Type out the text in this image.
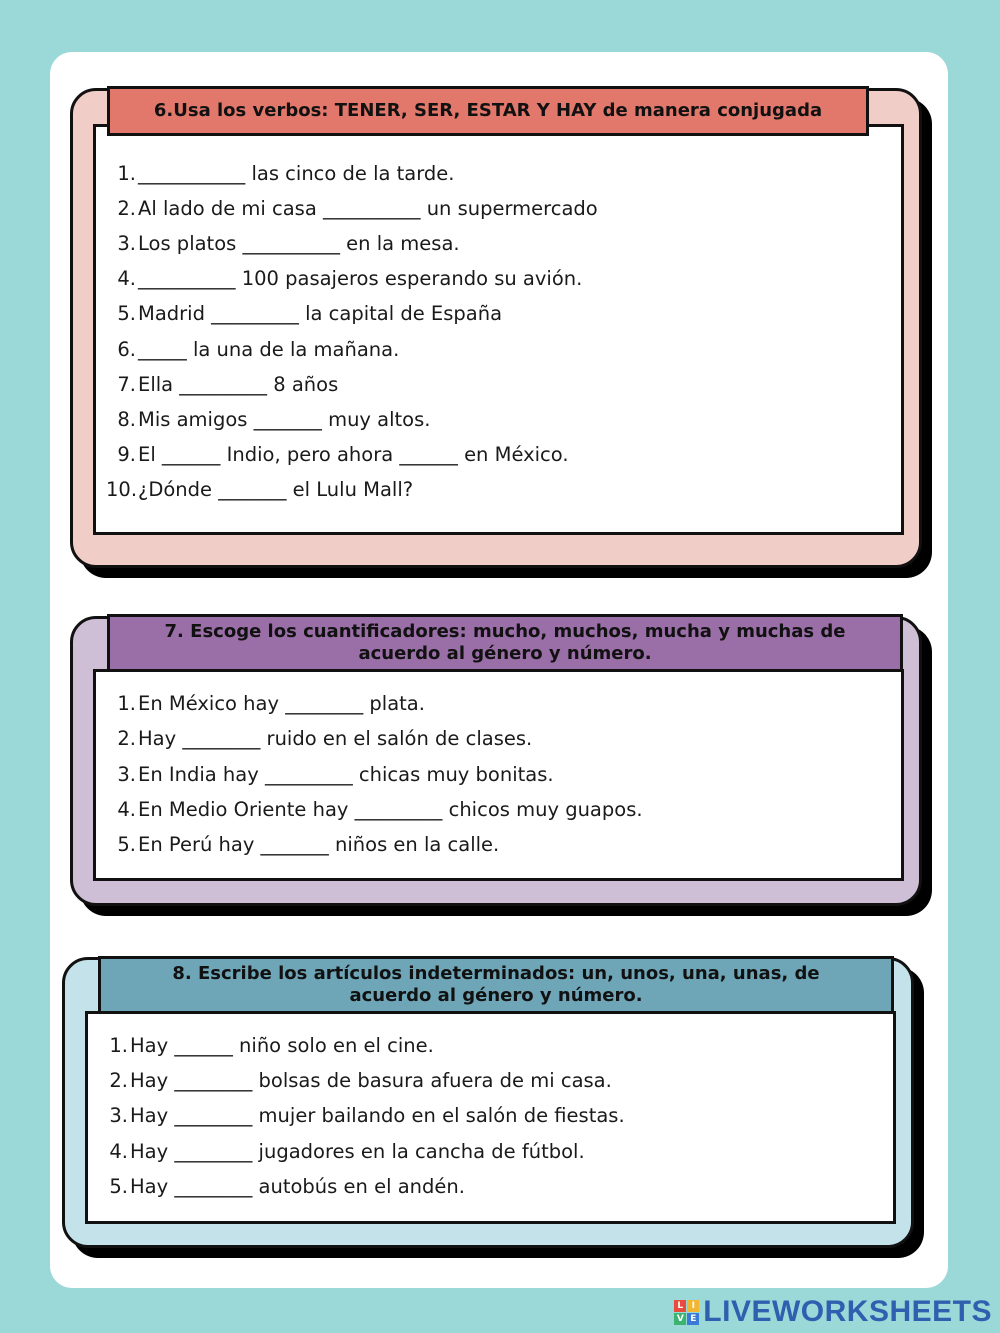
6.Usa los verbos: TENER, SER, ESTAR Y HAY de manera conjugada
1. ___________ las cinco de la tarde.
2. Al lado de mi casa __________ un supermercado
3. Los platos __________ en la mesa.
4. __________ 100 pasajeros esperando su avión.
5. Madrid _________ la capital de España
6. _____ la una de la mañana.
7. Ella _________ 8 años
8. Mis amigos _______ muy altos.
9. El ______ Indio, pero ahora ______ en México.
10. ¿Dónde _______ el Lulu Mall?
7. Escoge los cuantificadores: mucho, muchos, mucha y muchas de
acuerdo al género y número.
1. En México hay ________ plata.
2. Hay ________ ruido en el salón de clases.
3. En India hay _________ chicas muy bonitas.
4. En Medio Oriente hay _________ chicos muy guapos.
5. En Perú hay _______ niños en la calle.
8. Escribe los artículos indeterminados: un, unos, una, unas, de
acuerdo al género y número.
1. Hay ______ niño solo en el cine.
2. Hay ________ bolsas de basura afuera de mi casa.
3. Hay ________ mujer bailando en el salón de fiestas.
4. Hay ________ jugadores en la cancha de fútbol.
5. Hay ________ autobús en el andén.
L I
V E LIVEWORKSHEETS
